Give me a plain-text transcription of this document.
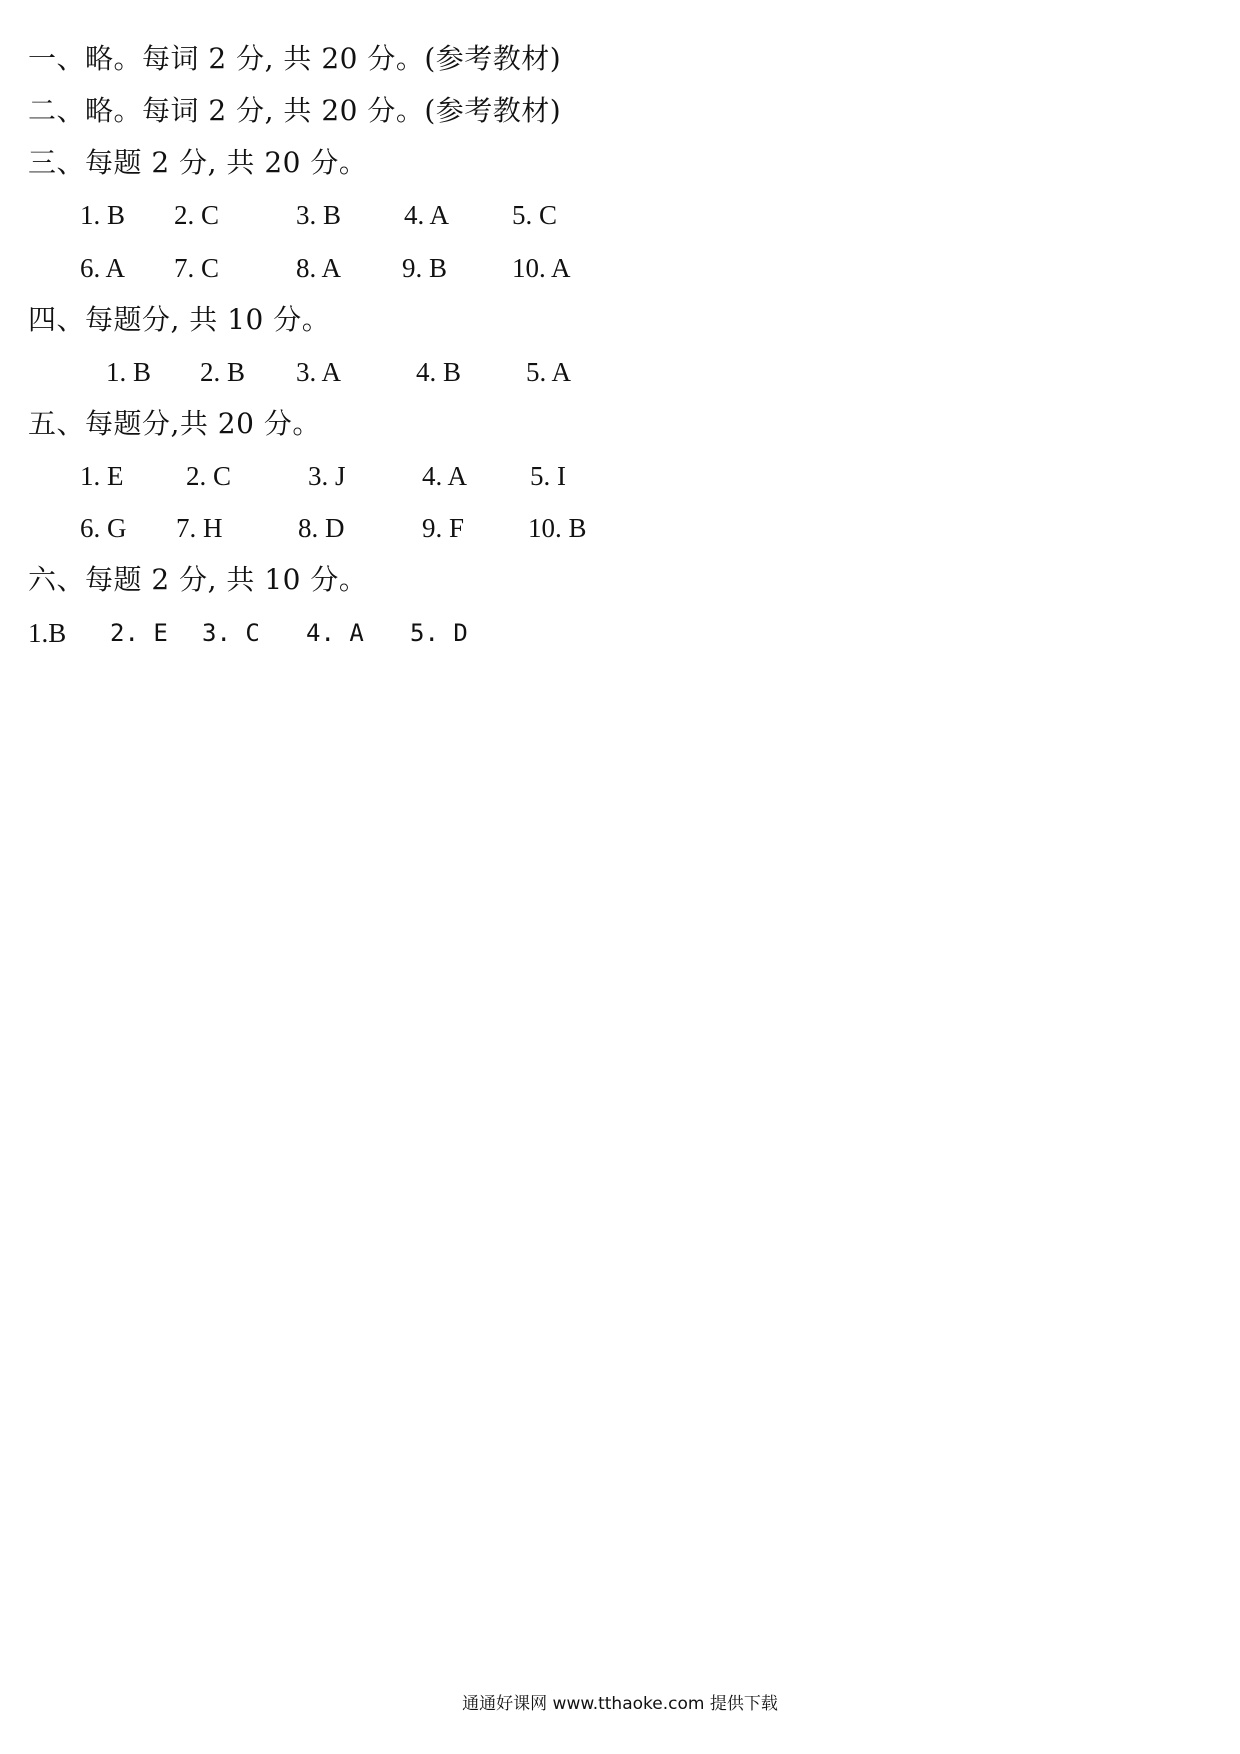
一、略。每词 2 分, 共 20 分。(参考教材)
二、略。每词 2 分, 共 20 分。(参考教材)
三、每题 2 分, 共 20 分。
1. B 2. C	3. B 4. A 5. C
6. A 7. C	8. A 9. B 10. A
四、每题分, 共 10 分。
1. B 2. B 3. A	4. B 5. A
五、每题分,共 20 分。
1. E 2. C	3. J	4. A 5. I
6. G 7. H	8. D	9. F 10. B
六、每题 2 分, 共 10 分。
1.B 2. E 3. C 4. A 5. D
通通好课网 www.tthaoke.com 提供下载
